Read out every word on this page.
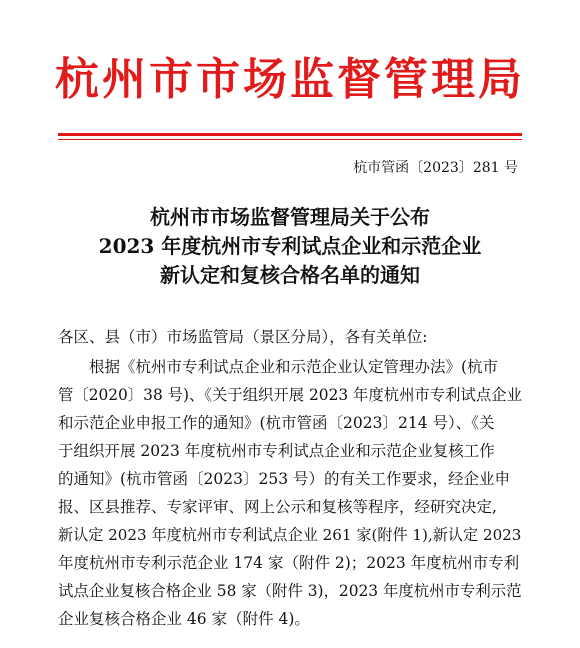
杭州市市场监督管理局
杭市管函〔2023〕281 号
杭州市市场监督管理局关于公布
2023 年度杭州市专利试点企业和示范企业
新认定和复核合格名单的通知
各区、县（市）市场监管局（景区分局），各有关单位:
　　根据《杭州市专利试点企业和示范企业认定管理办法》(杭市
管〔2020〕38 号)、《关于组织开展 2023 年度杭州市专利试点企业
和示范企业申报工作的通知》(杭市管函〔2023〕214 号）、《关
于组织开展 2023 年度杭州市专利试点企业和示范企业复核工作
的通知》(杭市管函〔2023〕253 号）的有关工作要求，经企业申
报、区县推荐、专家评审、网上公示和复核等程序，经研究决定,
新认定 2023 年度杭州市专利试点企业 261 家(附件 1),新认定 2023
年度杭州市专利示范企业 174 家（附件 2)；2023 年度杭州市专利
试点企业复核合格企业 58 家（附件 3)，2023 年度杭州市专利示范
企业复核合格企业 46 家（附件 4)。
